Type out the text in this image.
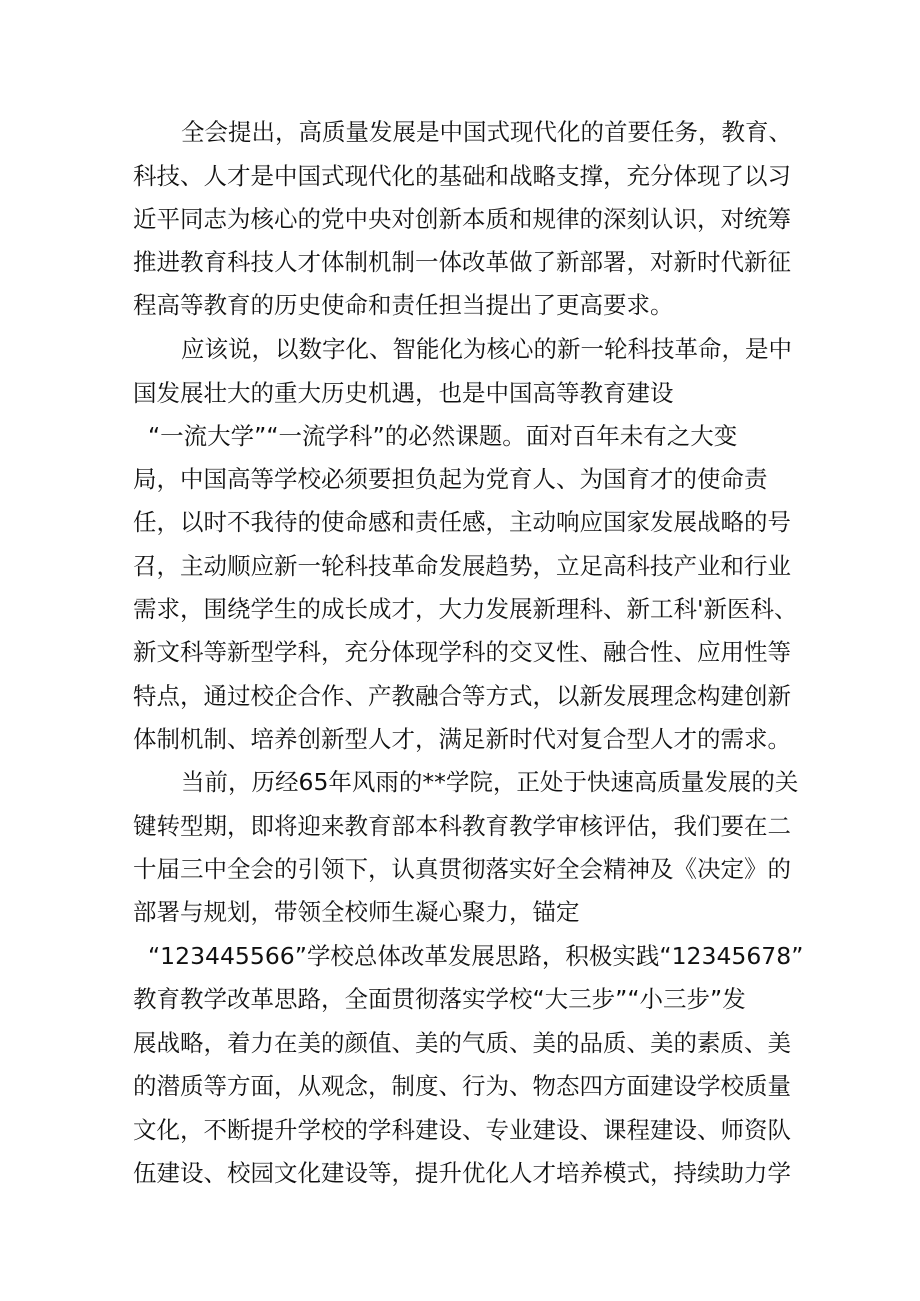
全会提出，高质量发展是中国式现代化的首要任务，教育、
科技、人才是中国式现代化的基础和战略支撑，充分体现了以习
近平同志为核心的党中央对创新本质和规律的深刻认识，对统筹
推进教育科技人才体制机制一体改革做了新部署，对新时代新征
程高等教育的历史使命和责任担当提出了更高要求。
应该说，以数字化、智能化为核心的新一轮科技革命，是中
国发展壮大的重大历史机遇，也是中国高等教育建设
“一流大学”“一流学科”的必然课题。面对百年未有之大变
局，中国高等学校必须要担负起为党育人、为国育才的使命责
任，以时不我待的使命感和责任感，主动响应国家发展战略的号
召，主动顺应新一轮科技革命发展趋势，立足高科技产业和行业
需求，围绕学生的成长成才，大力发展新理科、新工科'新医科、
新文科等新型学科，充分体现学科的交叉性、融合性、应用性等
特点，通过校企合作、产教融合等方式，以新发展理念构建创新
体制机制、培养创新型人才，满足新时代对复合型人才的需求。
当前，历经65年风雨的**学院，正处于快速高质量发展的关
键转型期，即将迎来教育部本科教育教学审核评估，我们要在二
十届三中全会的引领下，认真贯彻落实好全会精神及《决定》的
部署与规划，带领全校师生凝心聚力，锚定
“123445566”学校总体改革发展思路，积极实践“12345678”
教育教学改革思路，全面贯彻落实学校“大三步”“小三步”发
展战略，着力在美的颜值、美的气质、美的品质、美的素质、美
的潜质等方面，从观念，制度、行为、物态四方面建设学校质量
文化，不断提升学校的学科建设、专业建设、课程建设、师资队
伍建设、校园文化建设等，提升优化人才培养模式，持续助力学
